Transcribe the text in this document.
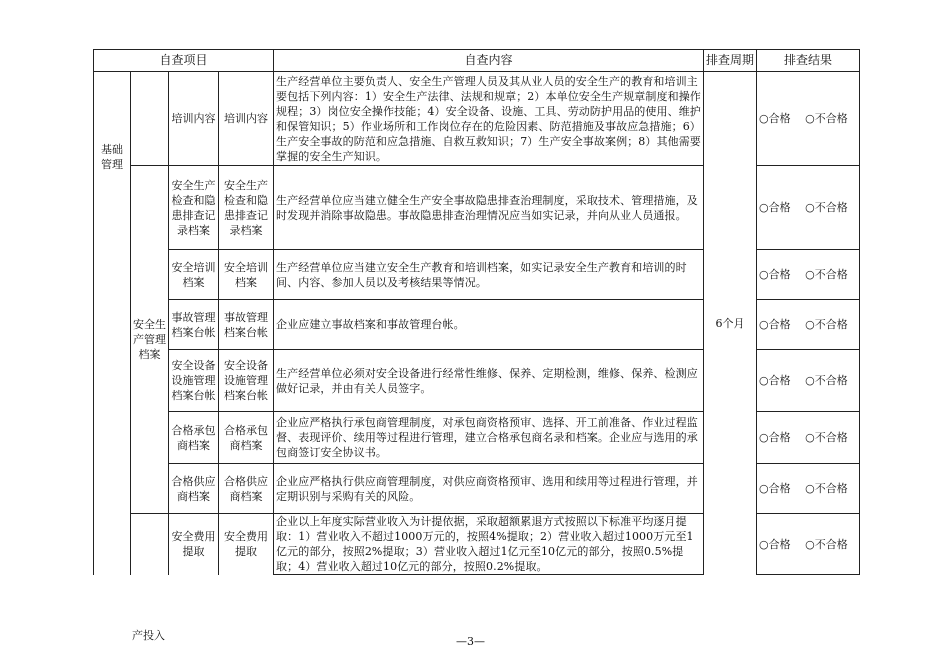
自查项目				自查内容	排查周期	排查结果
基础管理		培训内容	培训内容	生产经营单位主要负责人、安全生产管理人员及其从业人员的安全生产的教育和培训主要包括下列内容：1）安全生产法律、法规和规章；2）本单位安全生产规章制度和操作规程；3）岗位安全操作技能；4）安全设备、设施、工具、劳动防护用品的使用、维护和保管知识；5）作业场所和工作岗位存在的危险因素、防范措施及事故应急措施；6）生产安全事故的防范和应急措施、自救互救知识；7）生产安全事故案例；8）其他需要掌握的安全生产知识。	6个月	○合格　 ○不合格
	安全生产管理档案	安全生产检查和隐患排查记录档案	安全生产检查和隐患排查记录档案	生产经营单位应当建立健全生产安全事故隐患排查治理制度，采取技术、管理措施，及时发现并消除事故隐患。事故隐患排查治理情况应当如实记录，并向从业人员通报。		○合格　 ○不合格
		安全培训档案	安全培训档案	生产经营单位应当建立安全生产教育和培训档案，如实记录安全生产教育和培训的时间、内容、参加人员以及考核结果等情况。		○合格　 ○不合格
		事故管理档案台帐	事故管理档案台帐	企业应建立事故档案和事故管理台帐。		○合格　 ○不合格
		安全设备设施管理档案台帐	安全设备设施管理档案台帐	生产经营单位必须对安全设备进行经常性维修、保养、定期检测，维修、保养、检测应做好记录，并由有关人员签字。		○合格　 ○不合格
		合格承包商档案	合格承包商档案	企业应严格执行承包商管理制度，对承包商资格预审、选择、开工前准备、作业过程监督、表现评价、续用等过程进行管理，建立合格承包商名录和档案。企业应与选用的承包商签订安全协议书。		○合格　 ○不合格
		合格供应商档案	合格供应商档案	企业应严格执行供应商管理制度，对供应商资格预审、选用和续用等过程进行管理，并定期识别与采购有关的风险。		○合格　 ○不合格
		安全费用提取	安全费用提取	企业以上年度实际营业收入为计提依据，采取超额累退方式按照以下标准平均逐月提取：1）营业收入不超过1000万元的，按照4%提取；2）营业收入超过1000万元至1亿元的部分，按照2%提取；3）营业收入超过1亿元至10亿元的部分，按照0.5%提取；4）营业收入超过10亿元的部分，按照0.2%提取。		○合格　 ○不合格
产投入	—3—
